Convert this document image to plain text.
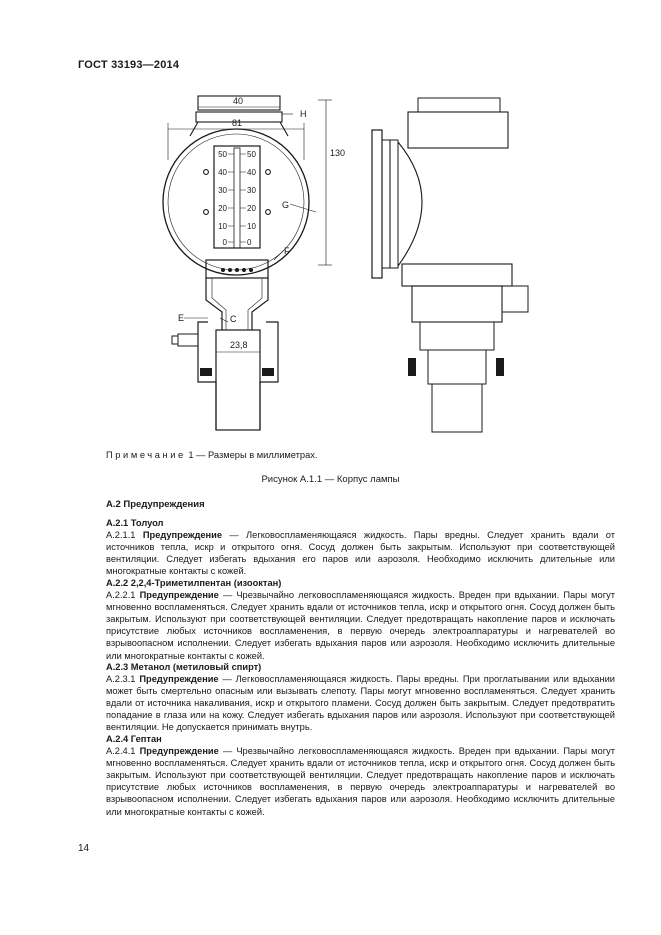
ГОСТ 33193—2014
40
81
H
130
G
F
E	C
23,8
50
40
30
20
10
0
50
40
30
20
10
0
Примечание 1 — Размеры в миллиметрах.
Рисунок А.1.1 — Корпус лампы
А.2 Предупреждения
А.2.1 Толуол

А.2.1.1 Предупреждение — Легковоспламеняющаяся жидкость. Пары вредны. Следует хранить вдали от источников тепла, искр и открытого огня. Сосуд должен быть закрытым. Используют при соответствующей вентиляции. Следует избегать вдыхания его паров или аэрозоля. Необходимо исключить длительные или многократные контакты с кожей.

А.2.2 2,2,4-Триметилпентан (изооктан)

А.2.2.1 Предупреждение — Чрезвычайно легковоспламеняющаяся жидкость. Вреден при вдыхании. Пары могут мгновенно воспламеняться. Следует хранить вдали от источников тепла, искр и открытого огня. Сосуд должен быть закрытым. Используют при соответствующей вентиляции. Следует предотвращать накопление паров и исключать присутствие любых источников воспламенения, в первую очередь электроаппаратуры и нагревателей во взрывоопасном исполнении. Следует избегать вдыхания паров или аэрозоля. Необходимо исключить длительные или многократные контакты с кожей.

А.2.3 Метанол (метиловый спирт)

А.2.3.1 Предупреждение — Легковоспламеняющаяся жидкость. Пары вредны. При проглатывании или вдыхании может быть смертельно опасным или вызывать слепоту. Пары могут мгновенно воспламеняться. Следует хранить вдали от источника накаливания, искр и открытого пламени. Сосуд должен быть закрытым. Следует предотвратить попадание в глаза или на кожу. Следует избегать вдыхания паров или аэрозоля. Используют при соответствующей вентиляции. Не допускается принимать внутрь.

А.2.4 Гептан

А.2.4.1 Предупреждение — Чрезвычайно легковоспламеняющаяся жидкость. Вреден при вдыхании. Пары могут мгновенно воспламеняться. Следует хранить вдали от источников тепла, искр и открытого огня. Сосуд должен быть закрытым. Используют при соответствующей вентиляции. Следует предотвращать накопление паров и исключать присутствие любых источников воспламенения, в первую очередь электроаппаратуры и нагревателей во взрывоопасном исполнении. Следует избегать вдыхания паров или аэрозоля. Необходимо исключить длительные или многократные контакты с кожей.

14
